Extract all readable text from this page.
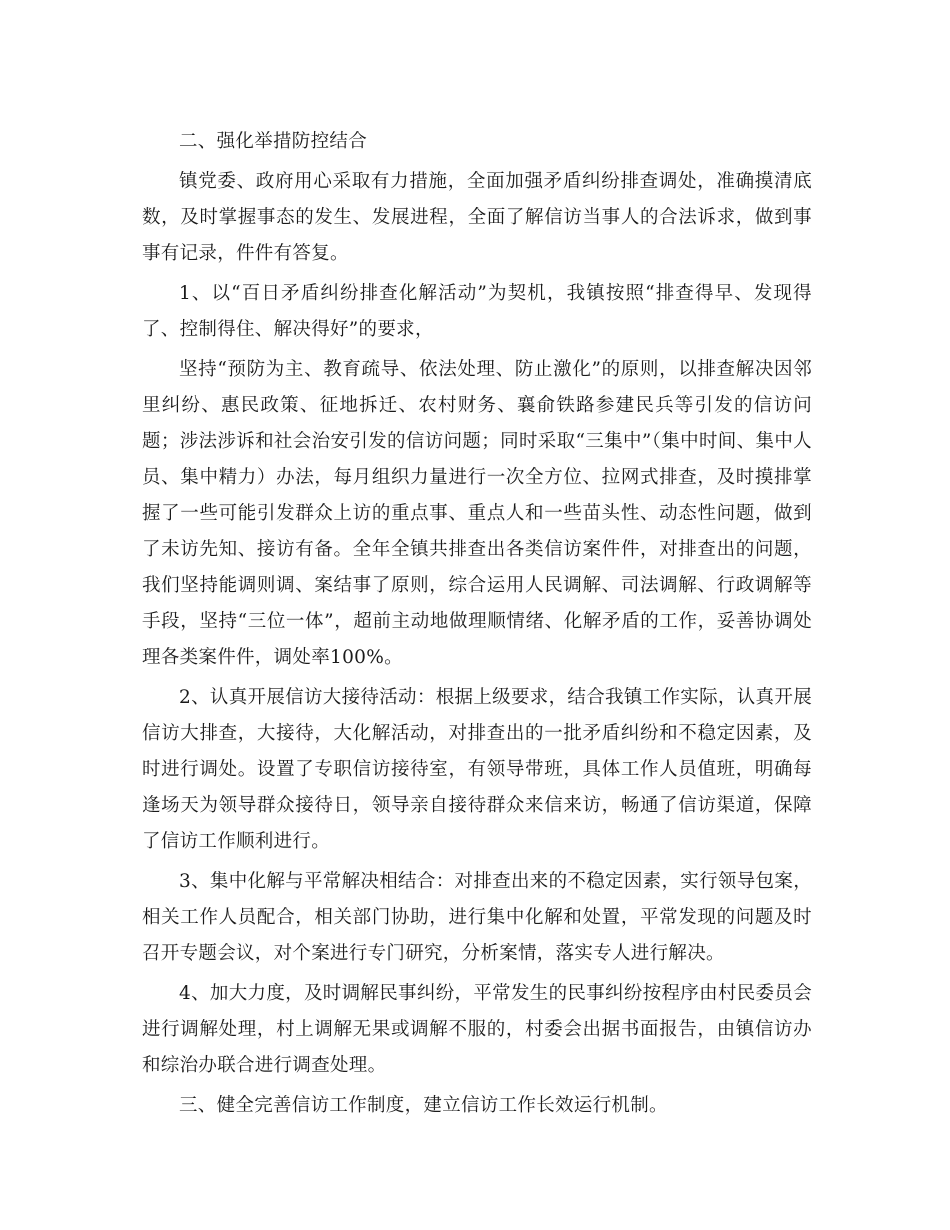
二、强化举措防控结合

镇党委、政府用心采取有力措施，全面加强矛盾纠纷排查调处，准确摸清底数，及时掌握事态的发生、发展进程，全面了解信访当事人的合法诉求，做到事事有记录，件件有答复。

1、以“百日矛盾纠纷排查化解活动”为契机，我镇按照“排查得早、发现得了、控制得住、解决得好”的要求，

坚持“预防为主、教育疏导、依法处理、防止激化”的原则，以排查解决因邻里纠纷、惠民政策、征地拆迁、农村财务、襄俞铁路参建民兵等引发的信访问题；涉法涉诉和社会治安引发的信访问题；同时采取“三集中”（集中时间、集中人员、集中精力）办法，每月组织力量进行一次全方位、拉网式排查，及时摸排掌握了一些可能引发群众上访的重点事、重点人和一些苗头性、动态性问题，做到了未访先知、接访有备。全年全镇共排查出各类信访案件件，对排查出的问题，我们坚持能调则调、案结事了原则，综合运用人民调解、司法调解、行政调解等手段，坚持“三位一体”，超前主动地做理顺情绪、化解矛盾的工作，妥善协调处理各类案件件，调处率100%。

2、认真开展信访大接待活动：根据上级要求，结合我镇工作实际，认真开展信访大排查，大接待，大化解活动，对排查出的一批矛盾纠纷和不稳定因素，及时进行调处。设置了专职信访接待室，有领导带班，具体工作人员值班，明确每逢场天为领导群众接待日，领导亲自接待群众来信来访，畅通了信访渠道，保障了信访工作顺利进行。

3、集中化解与平常解决相结合：对排查出来的不稳定因素，实行领导包案，相关工作人员配合，相关部门协助，进行集中化解和处置，平常发现的问题及时召开专题会议，对个案进行专门研究，分析案情，落实专人进行解决。

4、加大力度，及时调解民事纠纷，平常发生的民事纠纷按程序由村民委员会进行调解处理，村上调解无果或调解不服的，村委会出据书面报告，由镇信访办和综治办联合进行调查处理。

三、健全完善信访工作制度，建立信访工作长效运行机制。
